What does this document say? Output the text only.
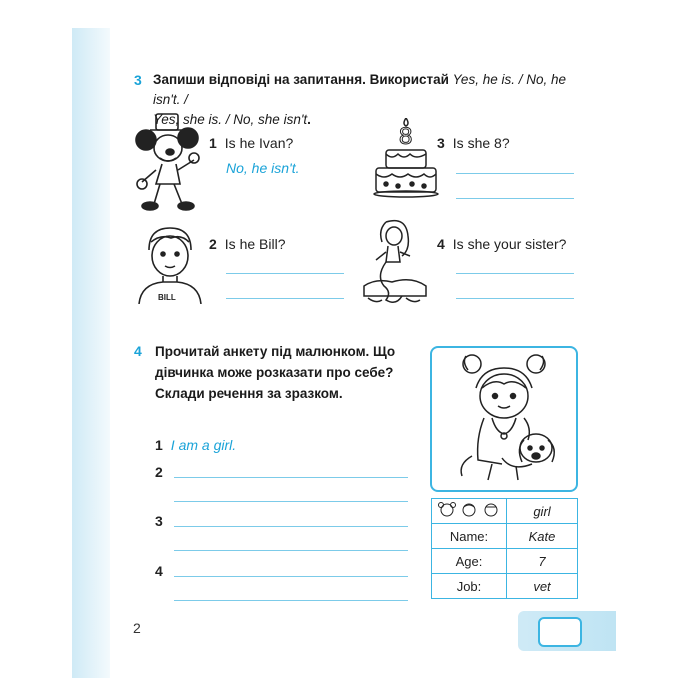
3 Запиши відповіді на запитання. Використай Yes, he is. / No, he isn't. /
Yes, she is. / No, she isn't.
8
BILL
1 Is he Ivan?
No, he isn't.
3 Is she 8?
2 Is he Bill?	4 Is she your sister?
4 Прочитай анкету під малюнком. Що
дівчинка може розказати про себе?
Склади речення за зразком.
1 I am a girl.
2
3
4
	girl
Name:	Kate
Age:	7
Job:	vet
2
